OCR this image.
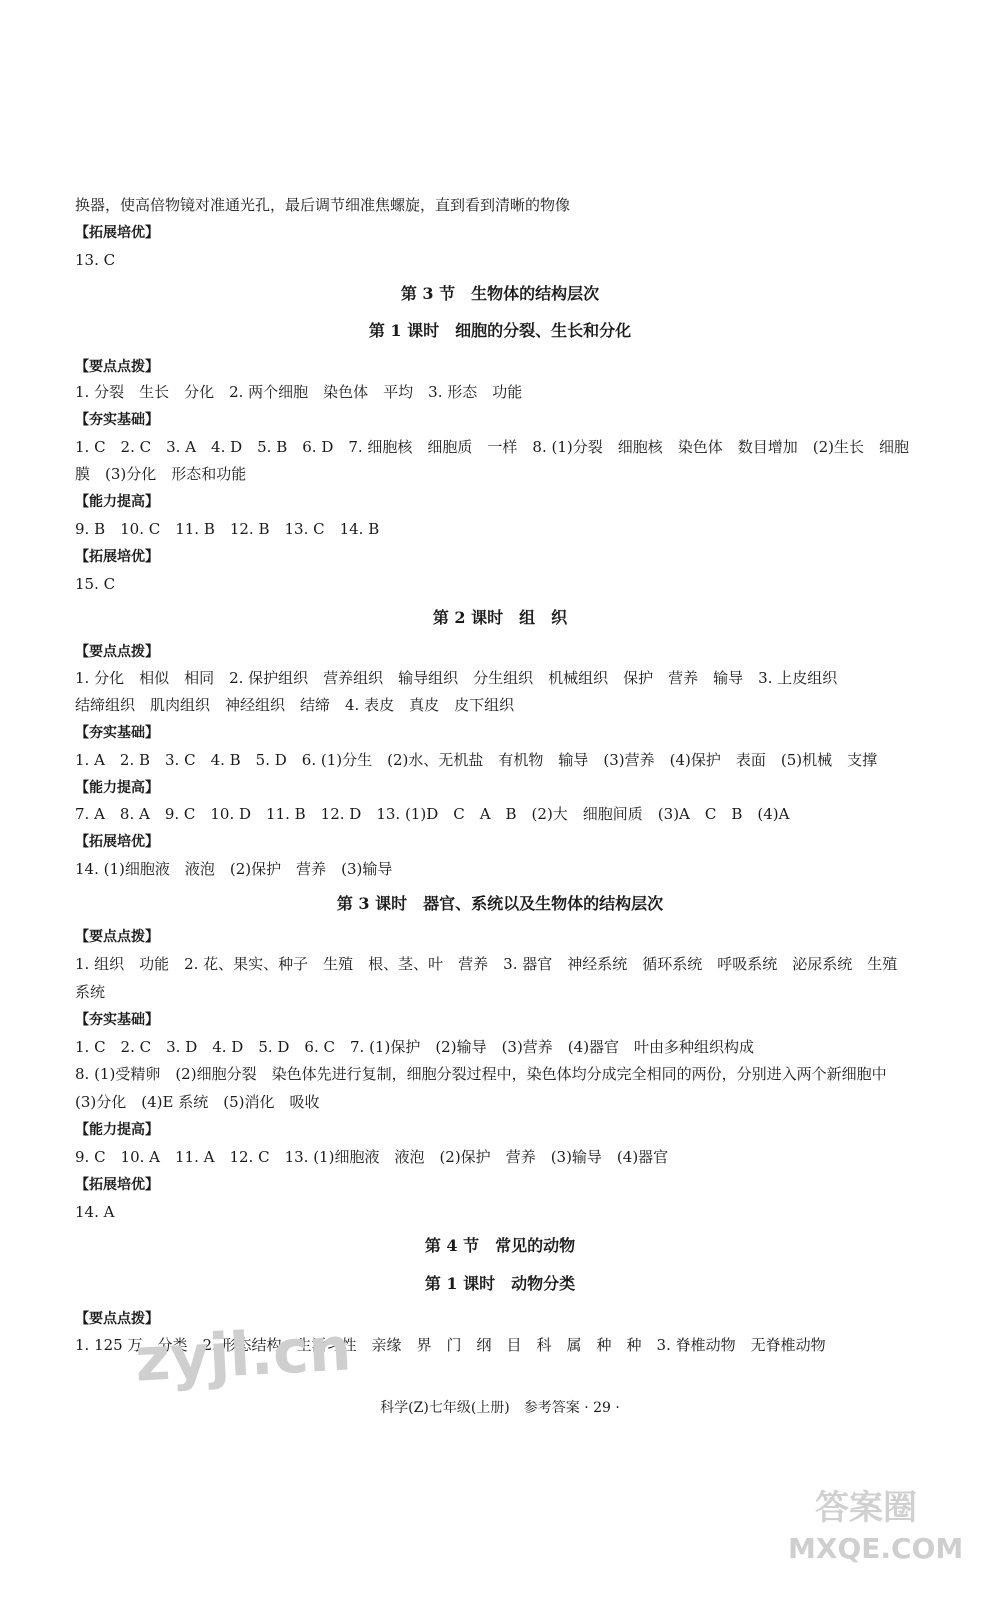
换器，使高倍物镜对准通光孔，最后调节细准焦螺旋，直到看到清晰的物像
【拓展培优】
13. C
第 3 节　生物体的结构层次
第 1 课时　细胞的分裂、生长和分化
【要点点拨】
1. 分裂　生长　分化　2. 两个细胞　染色体　平均　3. 形态　功能
【夯实基础】
1. C　2. C　3. A　4. D　5. B　6. D　7. 细胞核　细胞质　一样　8. (1)分裂　细胞核　染色体　数目增加　(2)生长　细胞
膜　(3)分化　形态和功能
【能力提高】
9. B　10. C　11. B　12. B　13. C　14. B
【拓展培优】
15. C
第 2 课时　组　织
【要点点拨】
1. 分化　相似　相同　2. 保护组织　营养组织　输导组织　分生组织　机械组织　保护　营养　输导　3. 上皮组织
结缔组织　肌肉组织　神经组织　结缔　4. 表皮　真皮　皮下组织
【夯实基础】
1. A　2. B　3. C　4. B　5. D　6. (1)分生　(2)水、无机盐　有机物　输导　(3)营养　(4)保护　表面　(5)机械　支撑
【能力提高】
7. A　8. A　9. C　10. D　11. B　12. D　13. (1)D　C　A　B　(2)大　细胞间质　(3)A　C　B　(4)A
【拓展培优】
14. (1)细胞液　液泡　(2)保护　营养　(3)输导
第 3 课时　器官、系统以及生物体的结构层次
【要点点拨】
1. 组织　功能　2. 花、果实、种子　生殖　根、茎、叶　营养　3. 器官　神经系统　循环系统　呼吸系统　泌尿系统　生殖
系统
【夯实基础】
1. C　2. C　3. D　4. D　5. D　6. C　7. (1)保护　(2)输导　(3)营养　(4)器官　叶由多种组织构成
8. (1)受精卵　(2)细胞分裂　染色体先进行复制，细胞分裂过程中，染色体均分成完全相同的两份，分别进入两个新细胞中
(3)分化　(4)E 系统　(5)消化　吸收
【能力提高】
9. C　10. A　11. A　12. C　13. (1)细胞液　液泡　(2)保护　营养　(3)输导　(4)器官
【拓展培优】
14. A
第 4 节　常见的动物
第 1 课时　动物分类
【要点点拨】
1. 125 万　分类　2. 形态结构　生活习性　亲缘　界　门　纲　目　科　属　种　种　3. 脊椎动物　无脊椎动物
科学(Z)七年级(上册)　参考答案 · 29 ·
zyjl.cn
答案圈
MXQE.COM
